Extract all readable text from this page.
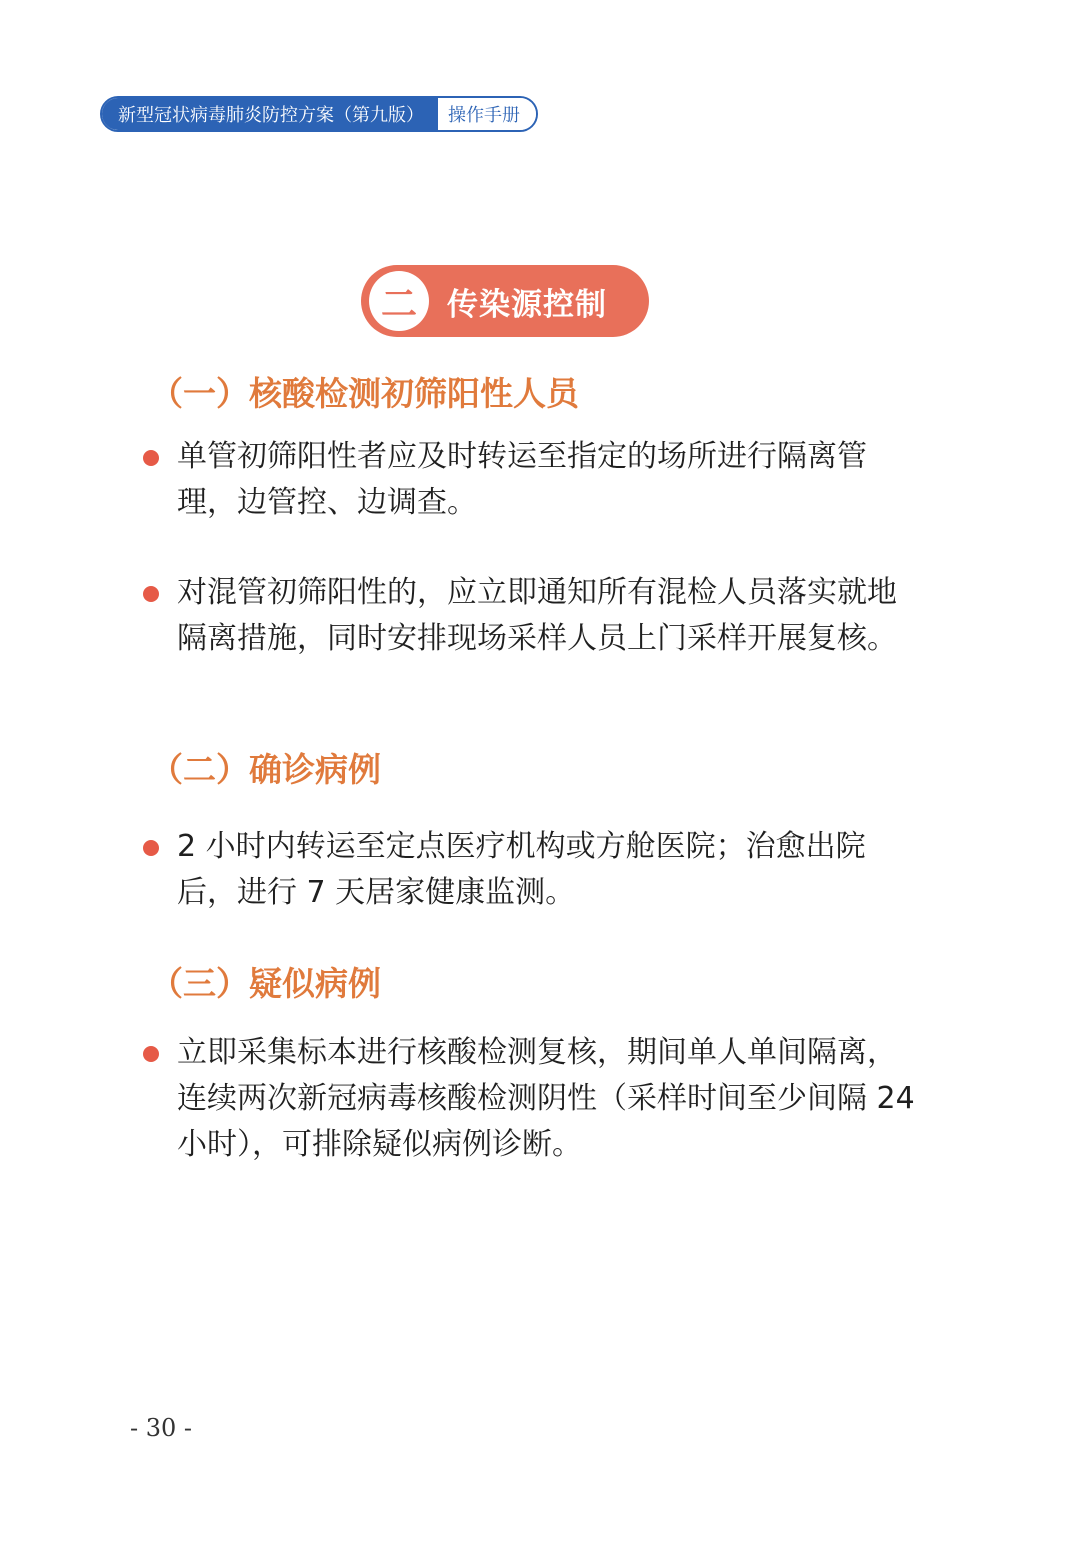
新型冠状病毒肺炎防控方案（第九版）	操作手册
二 传染源控制
（一）核酸检测初筛阳性人员
单管初筛阳性者应及时转运至指定的场所进行隔离管理，边管控、边调查。
对混管初筛阳性的，应立即通知所有混检人员落实就地隔离措施，同时安排现场采样人员上门采样开展复核。
（二）确诊病例
2 小时内转运至定点医疗机构或方舱医院；治愈出院后，进行 7 天居家健康监测。
（三）疑似病例
立即采集标本进行核酸检测复核，期间单人单间隔离，连续两次新冠病毒核酸检测阴性（采样时间至少间隔 24 小时），可排除疑似病例诊断。
- 30 -
